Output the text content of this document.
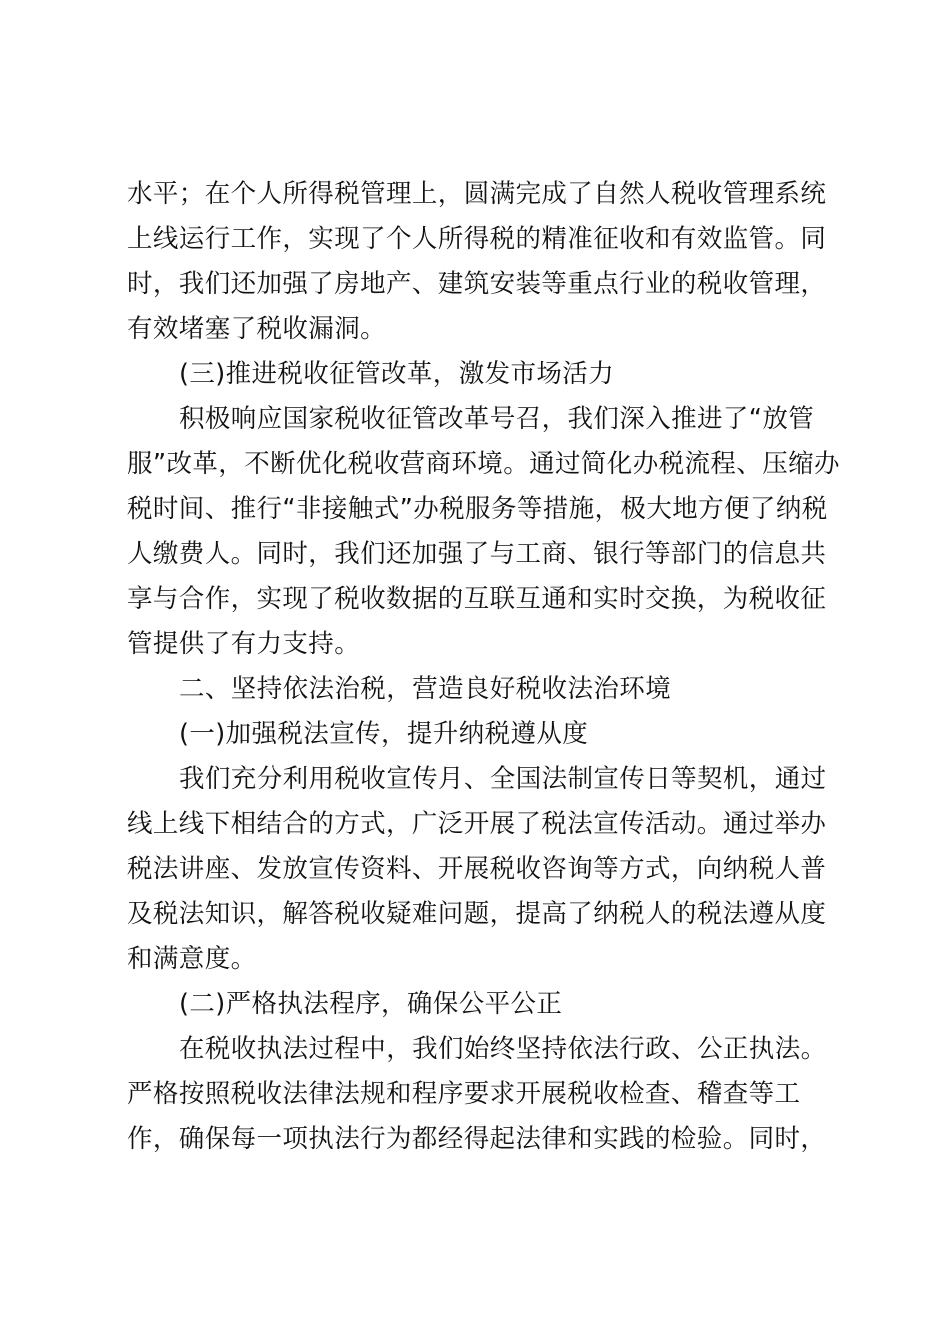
水平；在个人所得税管理上，圆满完成了自然人税收管理系统
上线运行工作，实现了个人所得税的精准征收和有效监管。同
时，我们还加强了房地产、建筑安装等重点行业的税收管理，
有效堵塞了税收漏洞。
(三)推进税收征管改革，激发市场活力
积极响应国家税收征管改革号召，我们深入推进了“放管
服”改革，不断优化税收营商环境。通过简化办税流程、压缩办
税时间、推行“非接触式”办税服务等措施，极大地方便了纳税
人缴费人。同时，我们还加强了与工商、银行等部门的信息共
享与合作，实现了税收数据的互联互通和实时交换，为税收征
管提供了有力支持。
二、坚持依法治税，营造良好税收法治环境
(一)加强税法宣传，提升纳税遵从度
我们充分利用税收宣传月、全国法制宣传日等契机，通过
线上线下相结合的方式，广泛开展了税法宣传活动。通过举办
税法讲座、发放宣传资料、开展税收咨询等方式，向纳税人普
及税法知识，解答税收疑难问题，提高了纳税人的税法遵从度
和满意度。
(二)严格执法程序，确保公平公正
在税收执法过程中，我们始终坚持依法行政、公正执法。
严格按照税收法律法规和程序要求开展税收检查、稽查等工
作，确保每一项执法行为都经得起法律和实践的检验。同时，
